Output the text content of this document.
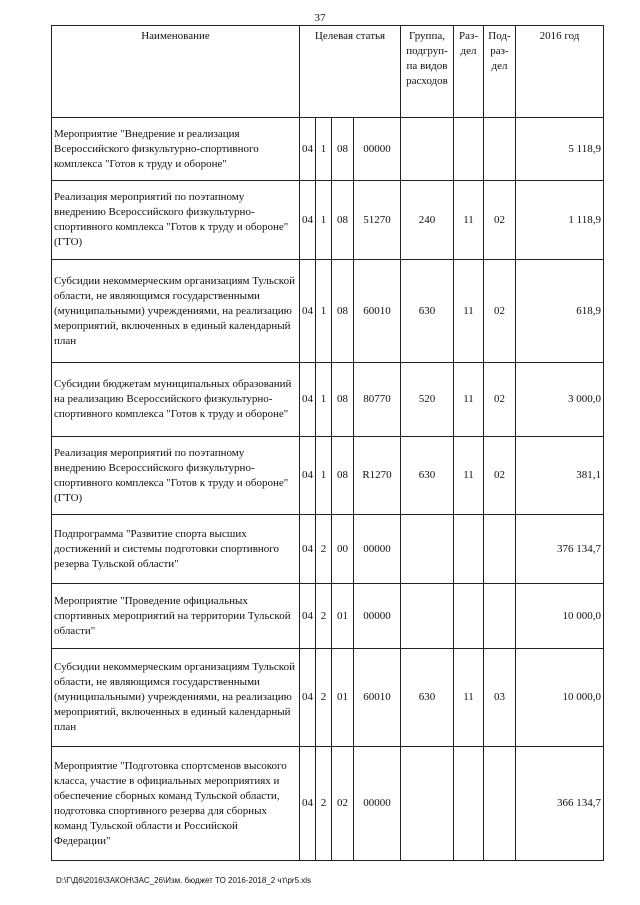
37
Наименование	Целевая статья				Группа, подгруп-па видов расходов	Раз-дел	Под-раз-дел	2016 год
Мероприятие "Внедрение и реализация Всероссийского физкультурно-спортивного комплекса "Готов к труду и обороне"	04	1	08	00000				5 118,9
Реализация мероприятий по поэтапному внедрению Всероссийского физкультурно-спортивного комплекса "Готов к труду и обороне" (ГТО)	04	1	08	51270	240	11	02	1 118,9
Субсидии некоммерческим организациям Тульской области, не являющимся государственными (муниципальными) учреждениями, на реализацию мероприятий, включенных в единый календарный план	04	1	08	60010	630	11	02	618,9
Субсидии бюджетам муниципальных образований на реализацию Всероссийского физкультурно-спортивного комплекса "Готов к труду и обороне"	04	1	08	80770	520	11	02	3 000,0
Реализация мероприятий по поэтапному внедрению Всероссийского физкультурно-спортивного комплекса "Готов к труду и обороне" (ГТО)	04	1	08	R1270	630	11	02	381,1
Подпрограмма "Развитие спорта высших достижений и системы подготовки спортивного резерва Тульской области"	04	2	00	00000				376 134,7
Мероприятие "Проведение официальных спортивных мероприятий на территории Тульской области"	04	2	01	00000				10 000,0
Субсидии некоммерческим организациям Тульской области, не являющимся государственными (муниципальными) учреждениями, на реализацию мероприятий, включенных в единый календарный план	04	2	01	60010	630	11	03	10 000,0
Мероприятие "Подготовка спортсменов высокого класса, участие в официальных мероприятиях и обеспечение сборных команд Тульской области, подготовка спортивного резерва для сборных команд Тульской области и Российской Федерации"	04	2	02	00000				366 134,7
D:\Г\Д6\2016\ЗАКОН\ЗАС_26\Изм. бюджет ТО 2016-2018_2 чт\рr5.xls
